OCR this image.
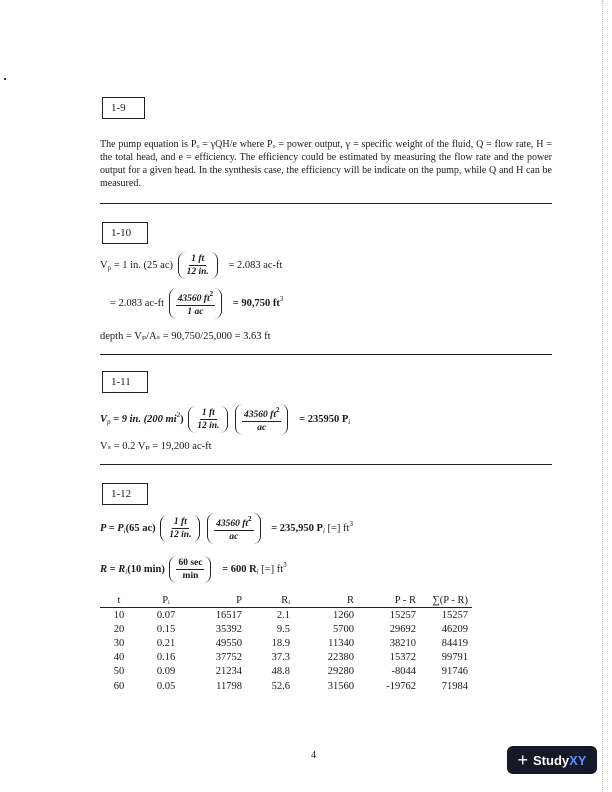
1-9
The pump equation is Pₒ = γQH/e where Pₒ = power output, γ = specific weight of the fluid, Q = flow rate, H = the total head, and e = efficiency. The efficiency could be estimated by measuring the flow rate and the power output for a given head. In the synthesis case, the efficiency will be indicate on the pump, while Q and H can be measured.
1-10
$V_p = 1$ in. (25 $ac) \frac{1 ft}{12 in.} = 2.083$ ac-ft
= 2.083 $ac-ft \frac{43560 ft^2}{1 ac} = 90,750$ $ft^3$
depth = Vₚ/Aₛ = 90,750/25,000 = 3.63 ft
1-11
$V_p = 9$ in. (200 $mi^2) \frac{1 ft}{12 in.}$
$\frac{43560 ft^2}{ac} = 235950$ $P_i$
Vₛ = 0.2 Vₚ = 19,200 ac-ft
1-12
$P = P_i(65$ $ac) \frac{1 ft}{12 in.}$
$\frac{43560 ft^2}{ac} = 235,950$ $P_i$ [=] $ft^3$
$R = R_i(10$ $\min) \frac{60 \sec}{\min} = 600$ $R_i$ [=] $ft^3$
t	Pᵢ	P	Rᵢ	R	P - R	∑(P - R)
10	0.07	16517	2.1	1260	15257	15257
20	0.15	35392	9.5	5700	29692	46209
30	0.21	49550	18.9	11340	38210	84419
40	0.16	37752	37.3	22380	15372	99791
50	0.09	21234	48.8	29280	-8044	91746
60	0.05	11798	52.6	31560	-19762	71984
4	+ Study XY
